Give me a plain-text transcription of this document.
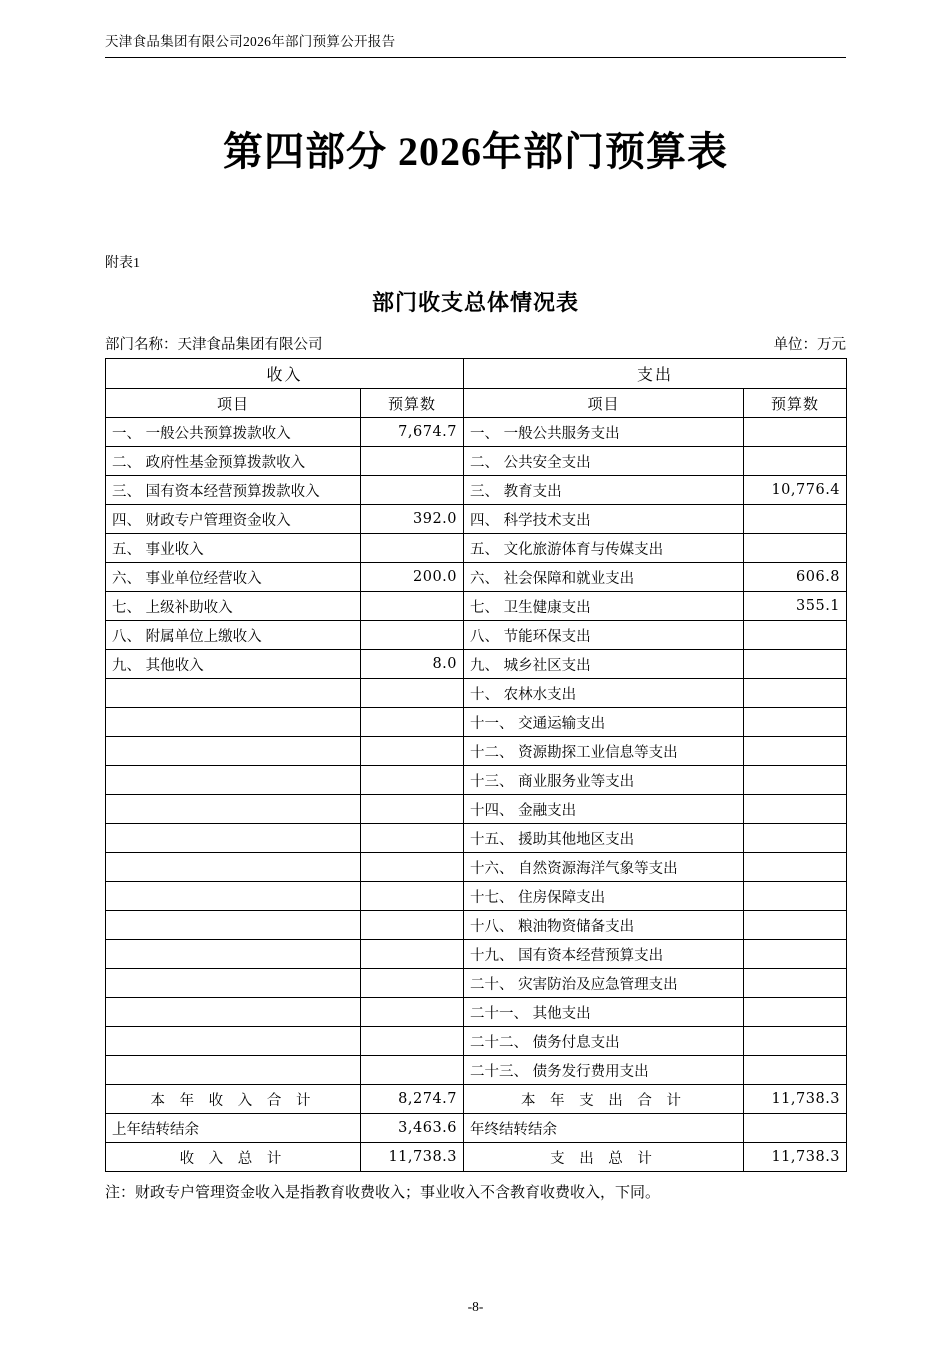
天津食品集团有限公司2026年部门预算公开报告
第四部分 2026年部门预算表
附表1
部门收支总体情况表
部门名称：天津食品集团有限公司	单位：万元
收入		支出	
项目	预算数	项目	预算数
一、 一般公共预算拨款收入	7,674.7	一、 一般公共服务支出	
二、 政府性基金预算拨款收入		二、 公共安全支出	
三、 国有资本经营预算拨款收入		三、 教育支出	10,776.4
四、 财政专户管理资金收入	392.0	四、 科学技术支出	
五、 事业收入		五、 文化旅游体育与传媒支出	
六、 事业单位经营收入	200.0	六、 社会保障和就业支出	606.8
七、 上级补助收入		七、 卫生健康支出	355.1
八、 附属单位上缴收入		八、 节能环保支出	
九、 其他收入	8.0	九、 城乡社区支出	
		十、 农林水支出	
		十一、 交通运输支出	
		十二、 资源勘探工业信息等支出	
		十三、 商业服务业等支出	
		十四、 金融支出	
		十五、 援助其他地区支出	
		十六、 自然资源海洋气象等支出	
		十七、 住房保障支出	
		十八、 粮油物资储备支出	
		十九、 国有资本经营预算支出	
		二十、 灾害防治及应急管理支出	
		二十一、 其他支出	
		二十二、 债务付息支出	
		二十三、 债务发行费用支出	
本 年 收 入 合 计	8,274.7	本 年 支 出 合 计	11,738.3
上年结转结余	3,463.6	年终结转结余	
收 入 总 计	11,738.3	支 出 总 计	11,738.3
注：财政专户管理资金收入是指教育收费收入；事业收入不含教育收费收入，下同。
-8-
